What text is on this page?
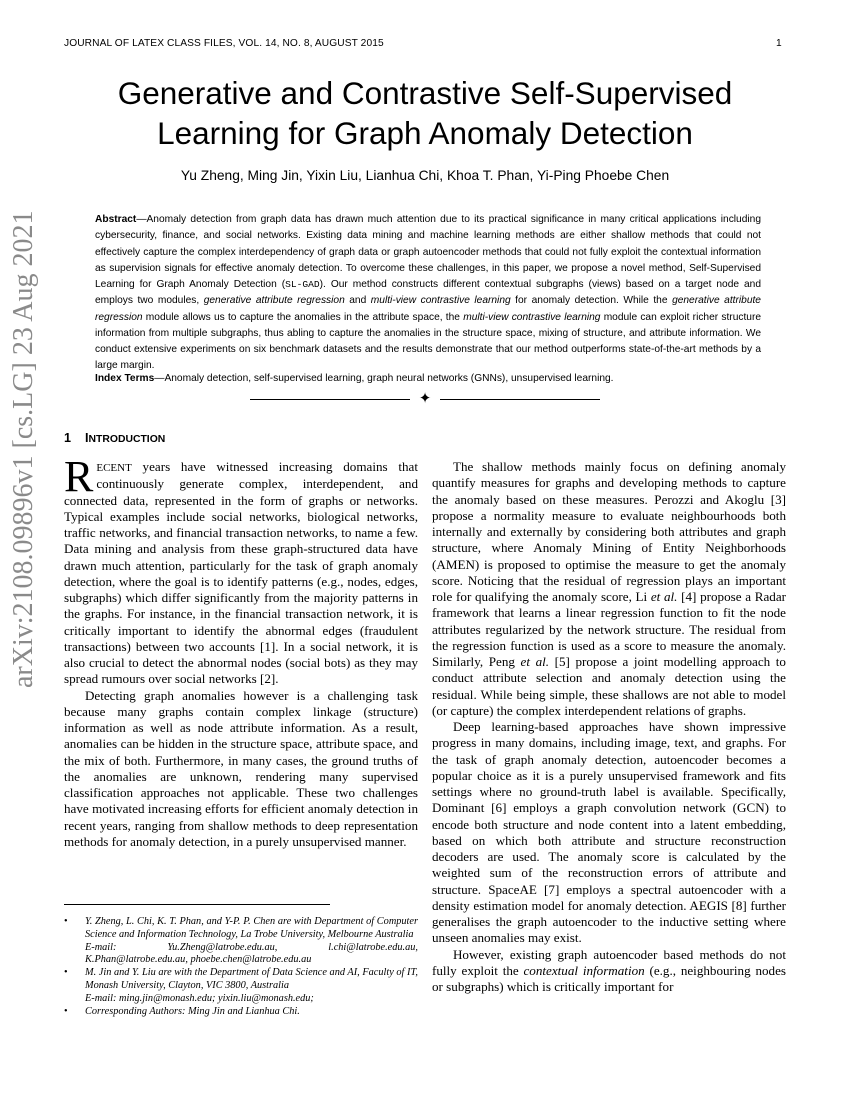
JOURNAL OF LATEX CLASS FILES, VOL. 14, NO. 8, AUGUST 2015	1
arXiv:2108.09896v1 [cs.LG] 23 Aug 2021
Generative and Contrastive Self-Supervised Learning for Graph Anomaly Detection
Yu Zheng, Ming Jin, Yixin Liu, Lianhua Chi, Khoa T. Phan, Yi-Ping Phoebe Chen
Abstract—Anomaly detection from graph data has drawn much attention due to its practical significance in many critical applications including cybersecurity, finance, and social networks. Existing data mining and machine learning methods are either shallow methods that could not effectively capture the complex interdependency of graph data or graph autoencoder methods that could not fully exploit the contextual information as supervision signals for effective anomaly detection. To overcome these challenges, in this paper, we propose a novel method, Self-Supervised Learning for Graph Anomaly Detection (SL-GAD). Our method constructs different contextual subgraphs (views) based on a target node and employs two modules, generative attribute regression and multi-view contrastive learning for anomaly detection. While the generative attribute regression module allows us to capture the anomalies in the attribute space, the multi-view contrastive learning module can exploit richer structure information from multiple subgraphs, thus abling to capture the anomalies in the structure space, mixing of structure, and attribute information. We conduct extensive experiments on six benchmark datasets and the results demonstrate that our method outperforms state-of-the-art methods by a large margin.
Index Terms—Anomaly detection, self-supervised learning, graph neural networks (GNNs), unsupervised learning.
✦
1 INTRODUCTION

RECENT years have witnessed increasing domains that continuously generate complex, interdependent, and connected data, represented in the form of graphs or networks. Typical examples include social networks, biological networks, traffic networks, and financial transaction networks, to name a few. Data mining and analysis from these graph-structured data have drawn much attention, particularly for the task of graph anomaly detection, where the goal is to identify patterns (e.g., nodes, edges, subgraphs) which differ significantly from the majority patterns in the graphs. For instance, in the financial transaction network, it is critically important to identify the abnormal edges (fraudulent transactions) between two accounts [1]. In a social network, it is also crucial to detect the abnormal nodes (social bots) as they may spread rumours over social networks [2].

Detecting graph anomalies however is a challenging task because many graphs contain complex linkage (structure) information as well as node attribute information. As a result, anomalies can be hidden in the structure space, attribute space, and the mix of both. Furthermore, in many cases, the ground truths of the anomalies are unknown, rendering many supervised classification approaches not applicable. These two challenges have motivated increasing efforts for efficient anomaly detection in recent years, ranging from shallow methods to deep representation methods for anomaly detection, in a purely unsupervised manner.

• Y. Zheng, L. Chi, K. T. Phan, and Y-P. P. Chen are with Department of Computer Science and Information Technology, La Trobe University, Melbourne Australia
E-mail: Yu.Zheng@latrobe.edu.au, l.chi@latrobe.edu.au, K.Phan@latrobe.edu.au, phoebe.chen@latrobe.edu.au
• M. Jin and Y. Liu are with the Department of Data Science and AI, Faculty of IT, Monash University, Clayton, VIC 3800, Australia
E-mail: ming.jin@monash.edu; yixin.liu@monash.edu;
• Corresponding Authors: Ming Jin and Lianhua Chi.

The shallow methods mainly focus on defining anomaly quantify measures for graphs and developing methods to capture the anomaly based on these measures. Perozzi and Akoglu [3] propose a normality measure to evaluate neighbourhoods both internally and externally by considering both attributes and graph structure, where Anomaly Mining of Entity Neighborhoods (AMEN) is proposed to optimise the measure to get the anomaly score. Noticing that the residual of regression plays an important role for qualifying the anomaly score, Li et al. [4] propose a Radar framework that learns a linear regression function to fit the node attributes regularized by the network structure. The residual from the regression function is used as a score to measure the anomaly. Similarly, Peng et al. [5] propose a joint modelling approach to conduct attribute selection and anomaly detection using the residual. While being simple, these shallows are not able to model (or capture) the complex interdependent relations of graphs.

Deep learning-based approaches have shown impressive progress in many domains, including image, text, and graphs. For the task of graph anomaly detection, autoencoder becomes a popular choice as it is a purely unsupervised framework and fits settings where no ground-truth label is available. Specifically, Dominant [6] employs a graph convolution network (GCN) to encode both structure and node content into a latent embedding, based on which both attribute and structure reconstruction decoders are used. The anomaly score is calculated by the weighted sum of the reconstruction errors of attribute and structure. SpaceAE [7] employs a spectral autoencoder with a density estimation model for anomaly detection. AEGIS [8] further generalises the graph autoencoder to the inductive setting where unseen anomalies may exist.

However, existing graph autoencoder based methods do not fully exploit the contextual information (e.g., neighbouring nodes or subgraphs) which is critically important for
